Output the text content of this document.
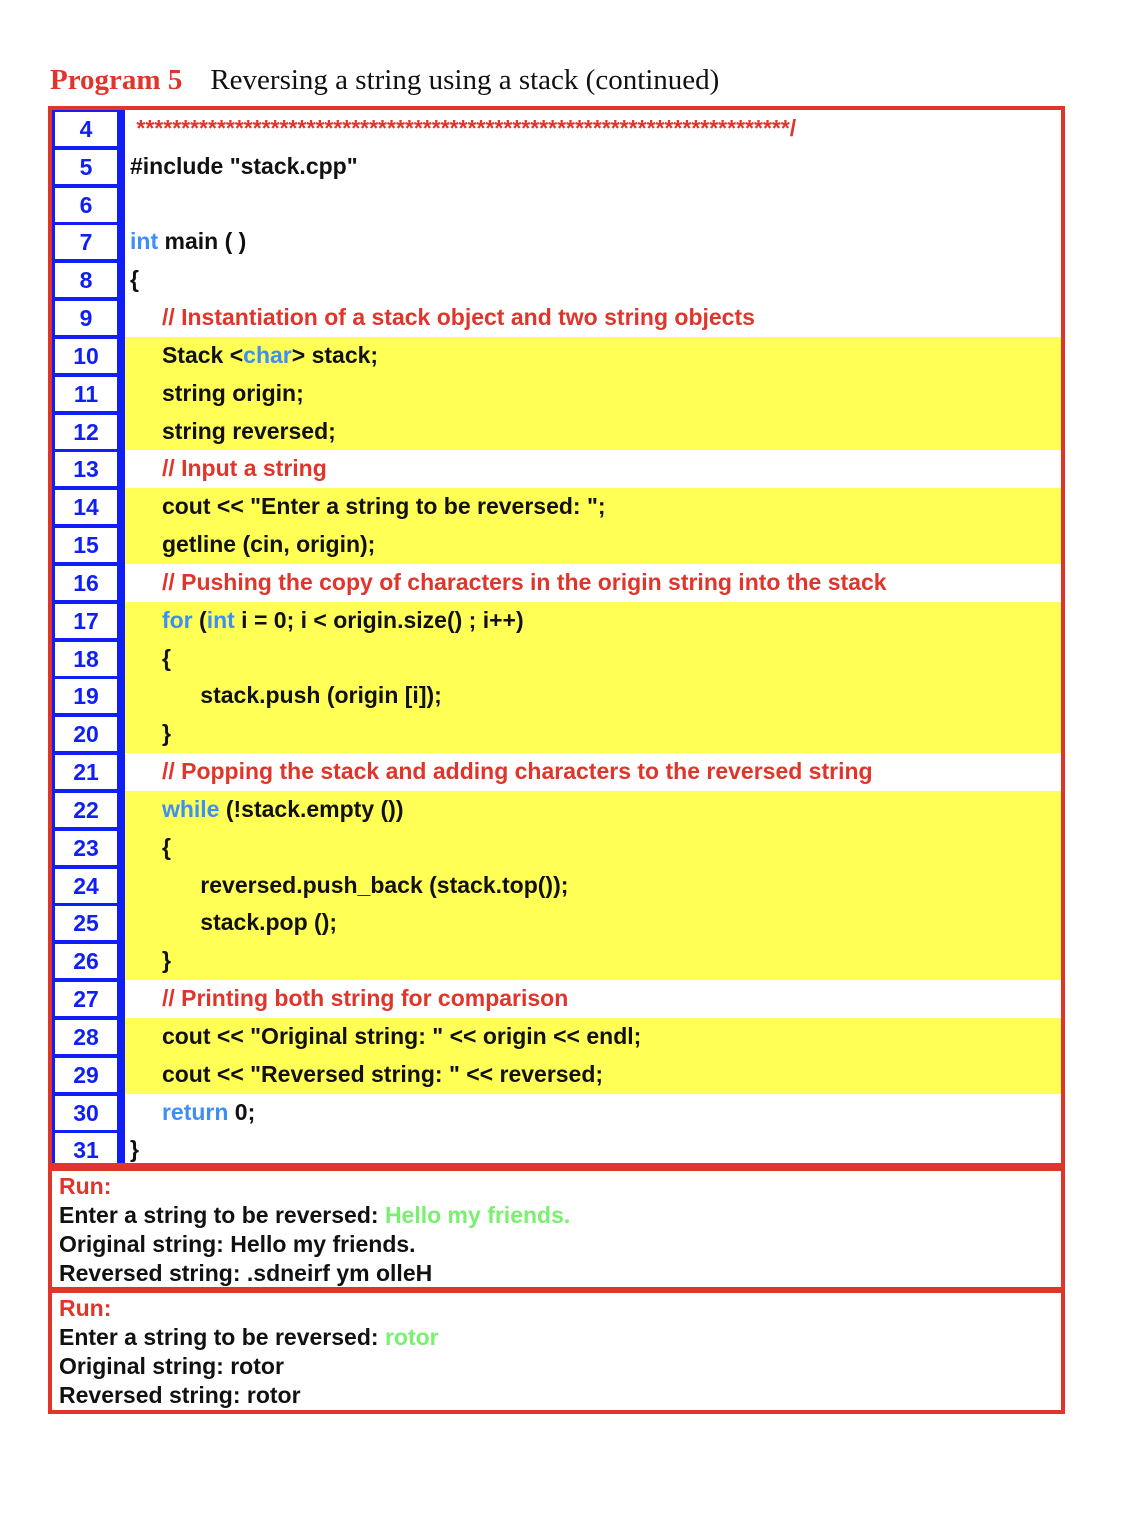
Program 5 Reversing a string using a stack (continued)
4	*************************************************************************/
5	#include "stack.cpp"
6
7	int main ( )
8	{
9	// Instantiation of a stack object and two string objects
10	Stack <char> stack;
11	string origin;
12	string reversed;
13	// Input a string
14	cout << "Enter a string to be reversed: ";
15	getline (cin, origin);
16	// Pushing the copy of characters in the origin string into the stack
17	for (int i = 0; i < origin.size() ; i++)
18	{
19	stack.push (origin [i]);
20	}
21	// Popping the stack and adding characters to the reversed string
22	while (!stack.empty ())
23	{
24	reversed.push_back (stack.top());
25	stack.pop ();
26	}
27	// Printing both string for comparison
28	cout << "Original string: " << origin << endl;
29	cout << "Reversed string: " << reversed;
30	return 0;
31	}
Run:
Enter a string to be reversed: Hello my friends.
Original string: Hello my friends.
Reversed string: .sdneirf ym olleH
Run:
Enter a string to be reversed: rotor
Original string: rotor
Reversed string: rotor
